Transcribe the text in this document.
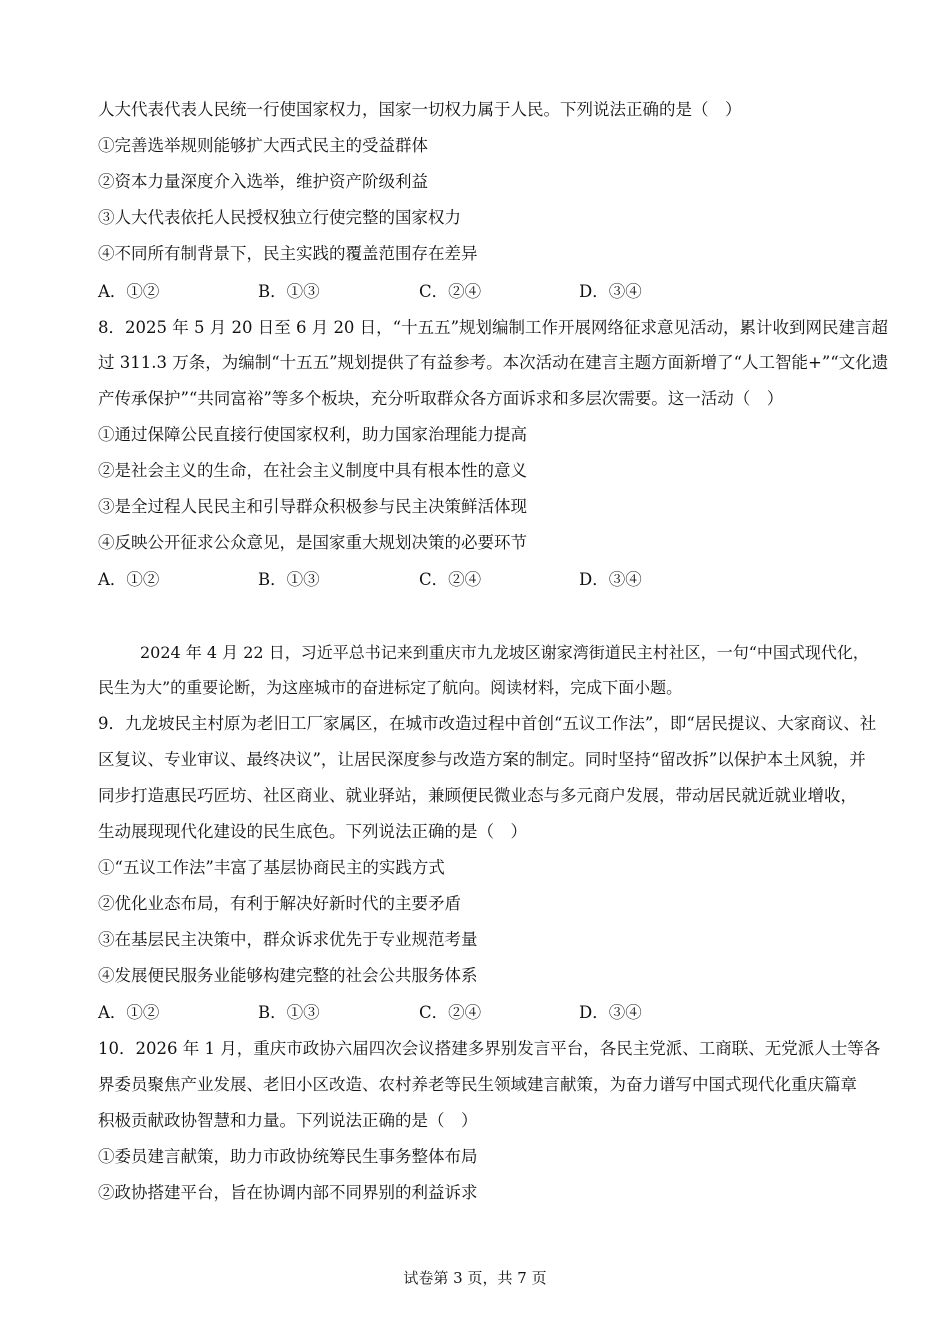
人大代表代表人民统一行使国家权力，国家一切权力属于人民。下列说法正确的是（　）
①完善选举规则能够扩大西式民主的受益群体
②资本力量深度介入选举，维护资产阶级利益
③人大代表依托人民授权独立行使完整的国家权力
④不同所有制背景下，民主实践的覆盖范围存在差异
A．①②	B．①③	C．②④	D．③④
8．2025 年 5 月 20 日至 6 月 20 日，“十五五”规划编制工作开展网络征求意见活动，累计收到网民建言超
过 311.3 万条，为编制“十五五”规划提供了有益参考。本次活动在建言主题方面新增了“人工智能+”“文化遗
产传承保护”“共同富裕”等多个板块，充分听取群众各方面诉求和多层次需要。这一活动（　）
①通过保障公民直接行使国家权利，助力国家治理能力提高
②是社会主义的生命，在社会主义制度中具有根本性的意义
③是全过程人民民主和引导群众积极参与民主决策鲜活体现
④反映公开征求公众意见，是国家重大规划决策的必要环节
A．①②	B．①③	C．②④	D．③④
2024 年 4 月 22 日，习近平总书记来到重庆市九龙坡区谢家湾街道民主村社区，一句“中国式现代化，
民生为大”的重要论断，为这座城市的奋进标定了航向。阅读材料，完成下面小题。
9．九龙坡民主村原为老旧工厂家属区，在城市改造过程中首创“五议工作法”，即“居民提议、大家商议、社
区复议、专业审议、最终决议”，让居民深度参与改造方案的制定。同时坚持“留改拆”以保护本土风貌，并
同步打造惠民巧匠坊、社区商业、就业驿站，兼顾便民微业态与多元商户发展，带动居民就近就业增收，
生动展现现代化建设的民生底色。下列说法正确的是（　）
①“五议工作法”丰富了基层协商民主的实践方式
②优化业态布局，有利于解决好新时代的主要矛盾
③在基层民主决策中，群众诉求优先于专业规范考量
④发展便民服务业能够构建完整的社会公共服务体系
A．①②	B．①③	C．②④	D．③④
10．2026 年 1 月，重庆市政协六届四次会议搭建多界别发言平台，各民主党派、工商联、无党派人士等各
界委员聚焦产业发展、老旧小区改造、农村养老等民生领域建言献策，为奋力谱写中国式现代化重庆篇章
积极贡献政协智慧和力量。下列说法正确的是（　）
①委员建言献策，助力市政协统筹民生事务整体布局
②政协搭建平台，旨在协调内部不同界别的利益诉求
试卷第 3 页，共 7 页
